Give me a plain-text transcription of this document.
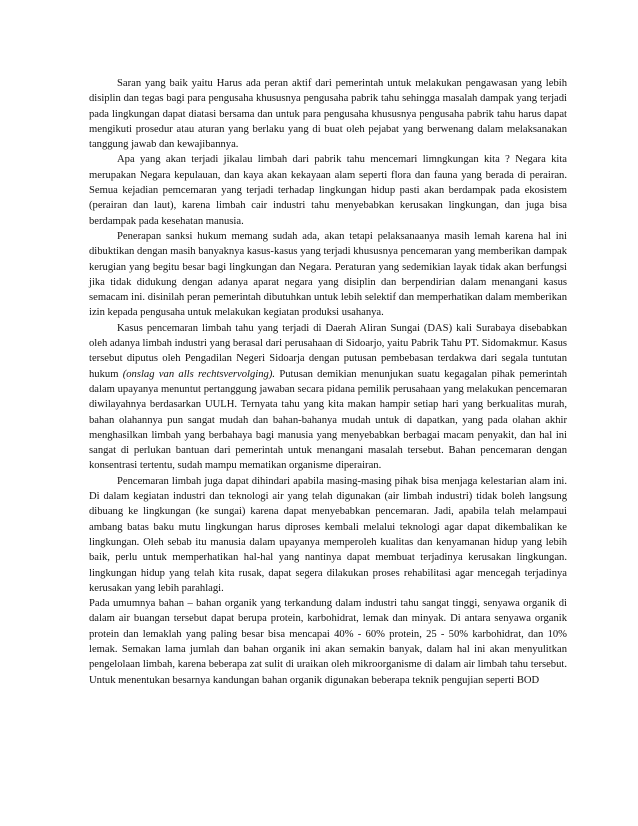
Saran yang baik yaitu Harus ada peran aktif dari pemerintah untuk melakukan pengawasan yang lebih disiplin dan tegas bagi para pengusaha khususnya pengusaha pabrik tahu sehingga masalah dampak yang terjadi pada lingkungan dapat diatasi bersama dan untuk para pengusaha khususnya pengusaha pabrik tahu harus dapat mengikuti prosedur atau aturan yang berlaku yang di buat oleh pejabat yang berwenang dalam melaksanakan tanggung jawab dan kewajibannya.

Apa yang akan terjadi jikalau limbah dari pabrik tahu mencemari limngkungan kita ? Negara kita merupakan Negara kepulauan, dan kaya akan kekayaan alam seperti flora dan fauna yang berada di perairan. Semua kejadian pemcemaran yang terjadi terhadap lingkungan hidup pasti akan berdampak pada ekosistem (perairan dan laut), karena limbah cair industri tahu menyebabkan kerusakan lingkungan, dan juga bisa berdampak pada kesehatan manusia.

Penerapan sanksi hukum memang sudah ada, akan tetapi pelaksanaanya masih lemah karena hal ini dibuktikan dengan masih banyaknya kasus-kasus yang terjadi khususnya pencemaran yang memberikan dampak kerugian yang begitu besar bagi lingkungan dan Negara. Peraturan yang sedemikian layak tidak akan berfungsi jika tidak didukung dengan adanya aparat negara yang disiplin dan berpendirian dalam menangani kasus semacam ini. disinilah peran pemerintah dibutuhkan untuk lebih selektif dan memperhatikan dalam memberikan izin kepada pengusaha untuk melakukan kegiatan produksi usahanya.

Kasus pencemaran limbah tahu yang terjadi di Daerah Aliran Sungai (DAS) kali Surabaya disebabkan oleh adanya limbah industri yang berasal dari perusahaan di Sidoarjo, yaitu Pabrik Tahu PT. Sidomakmur. Kasus tersebut diputus oleh Pengadilan Negeri Sidoarja dengan putusan pembebasan terdakwa dari segala tuntutan hukum (onslag van alls rechtsvervolging). Putusan demikian menunjukan suatu kegagalan pihak pemerintah dalam upayanya menuntut pertanggung jawaban secara pidana pemilik perusahaan yang melakukan pencemaran diwilayahnya berdasarkan UULH. Ternyata tahu yang kita makan hampir setiap hari yang berkualitas murah, bahan olahannya pun sangat mudah dan bahan-bahanya mudah untuk di dapatkan, yang pada olahan akhir menghasilkan limbah yang berbahaya bagi manusia yang menyebabkan berbagai macam penyakit, dan hal ini sangat di perlukan bantuan dari pemerintah untuk menangani masalah tersebut. Bahan pencemaran dengan konsentrasi tertentu, sudah mampu mematikan organisme diperairan.

Pencemaran limbah juga dapat dihindari apabila masing-masing pihak bisa menjaga kelestarian alam ini. Di dalam kegiatan industri dan teknologi air yang telah digunakan (air limbah industri) tidak boleh langsung dibuang ke lingkungan (ke sungai) karena dapat menyebabkan pencemaran. Jadi, apabila telah melampaui ambang batas baku mutu lingkungan harus diproses kembali melalui teknologi agar dapat dikembalikan ke lingkungan. Oleh sebab itu manusia dalam upayanya memperoleh kualitas dan kenyamanan hidup yang lebih baik, perlu untuk memperhatikan hal-hal yang nantinya dapat membuat terjadinya kerusakan lingkungan. lingkungan hidup yang telah kita rusak, dapat segera dilakukan proses rehabilitasi agar mencegah terjadinya kerusakan yang lebih parahlagi.

Pada umumnya bahan – bahan organik yang terkandung dalam industri tahu sangat tinggi, senyawa organik di dalam air buangan tersebut dapat berupa protein, karbohidrat, lemak dan minyak. Di antara senyawa organik protein dan lemaklah yang paling besar bisa mencapai 40% - 60% protein, 25 - 50% karbohidrat, dan 10% lemak. Semakan lama jumlah dan bahan organik ini akan semakin banyak, dalam hal ini akan menyulitkan pengelolaan limbah, karena beberapa zat sulit di uraikan oleh mikroorganisme di dalam air limbah tahu tersebut. Untuk menentukan besarnya kandungan bahan organik digunakan beberapa teknik pengujian seperti BOD
